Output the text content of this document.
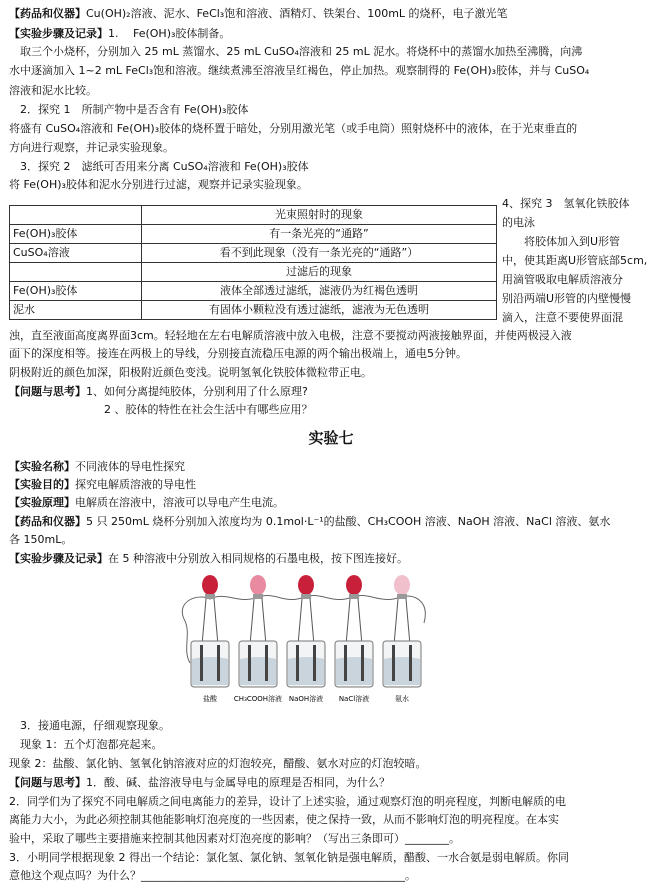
【药品和仪器】Cu(OH)₂溶液、泥水、FeCl₃饱和溶液、酒精灯、铁架台、100mL 的烧杯，电子激光笔
【实验步骤及记录】1.　 Fe(OH)₃胶体制备。
　取三个小烧杯，分别加入 25 mL 蒸馏水、25 mL CuSO₄溶液和 25 mL 泥水。将烧杯中的蒸馏水加热至沸腾，向沸
水中逐滴加入 1~2 mL FeCl₃饱和溶液。继续煮沸至溶液呈红褐色，停止加热。观察制得的 Fe(OH)₃胶体，并与 CuSO₄
溶液和泥水比较。
　2．探究 1　所制产物中是否含有 Fe(OH)₃胶体
将盛有 CuSO₄溶液和 Fe(OH)₃胶体的烧杯置于暗处，分别用激光笔（或手电筒）照射烧杯中的液体，在于光束垂直的
方向进行观察，并记录实验现象。
　3．探究 2　滤纸可否用来分离 CuSO₄溶液和 Fe(OH)₃胶体
将 Fe(OH)₃胶体和泥水分别进行过滤，观察并记录实验现象。
	光束照射时的现象
Fe(OH)₃胶体	有一条光亮的“通路”
CuSO₄溶液	看不到此现象（没有一条光亮的“通路”）
	过滤后的现象
Fe(OH)₃胶体	液体全部透过滤纸，滤液仍为红褐色透明
泥水	有固体小颗粒没有透过滤纸，滤液为无色透明
4、探究 3　氢氧化铁胶体
的电泳
　　将胶体加入到U形管
中，使其距离U形管底部5cm,
用滴管吸取电解质溶液分
别沿两端U形管的内壁慢慢
滴入，注意不要使界面混
浊，直至液面高度离界面3cm。轻轻地在左右电解质溶液中放入电极，注意不要搅动两液接触界面，并使两极浸入液
面下的深度相等。接连在两极上的导线，分别接直流稳压电源的两个输出极端上，通电5分钟。
阴极附近的颜色加深，阳极附近颜色变浅。说明氢氧化铁胶体微粒带正电。
【问题与思考】1、如何分离提纯胶体，分别利用了什么原理?
2 、胶体的特性在社会生活中有哪些应用？
实验七
【实验名称】不同液体的导电性探究
【实验目的】探究电解质溶液的导电性
【实验原理】电解质在溶液中，溶液可以导电产生电流。
【药品和仪器】5 只 250mL 烧杯分别加入浓度均为 0.1mol·L⁻¹的盐酸、CH₃COOH 溶液、NaOH 溶液、NaCl 溶液、氨水
各 150mL。
【实验步骤及记录】在 5 种溶液中分别放入相同规格的石墨电极，按下图连接好。
盐酸 CH₃COOH溶液 NaOH溶液 NaCl溶液	氨水
　3．接通电源，仔细观察现象。
　现象 1：五个灯泡都亮起来。
现象 2：盐酸、氯化钠、氢氧化钠溶液对应的灯泡较亮，醋酸、氨水对应的灯泡较暗。
【问题与思考】1．酸、碱、盐溶液导电与金属导电的原理是否相同，为什么？
2．同学们为了探究不同电解质之间电离能力的差异，设计了上述实验，通过观察灯泡的明亮程度，判断电解质的电
离能力大小，为此必须控制其他能影响灯泡亮度的一些因素，使之保持一致，从而不影响灯泡的明亮程度。在本实
验中，采取了哪些主要措施来控制其他因素对灯泡亮度的影响？（写出三条即可）________。
3．小明同学根据现象 2 得出一个结论：氯化氢、氯化钠、氢氧化钠是强电解质，醋酸、一水合氨是弱电解质。你同
意他这个观点吗？为什么？________________________________________________。
